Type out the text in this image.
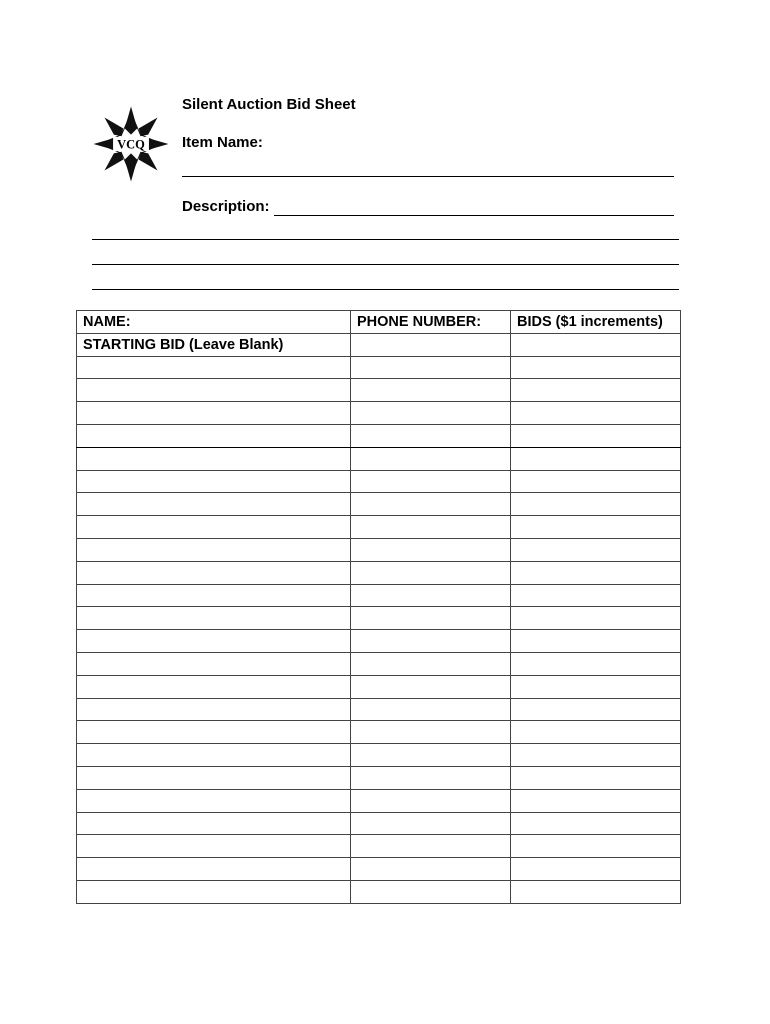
VCQ
Silent Auction Bid Sheet
Item Name:
Description:
NAME:	PHONE NUMBER:	BIDS ($1 increments)
STARTING BID (Leave Blank)		
